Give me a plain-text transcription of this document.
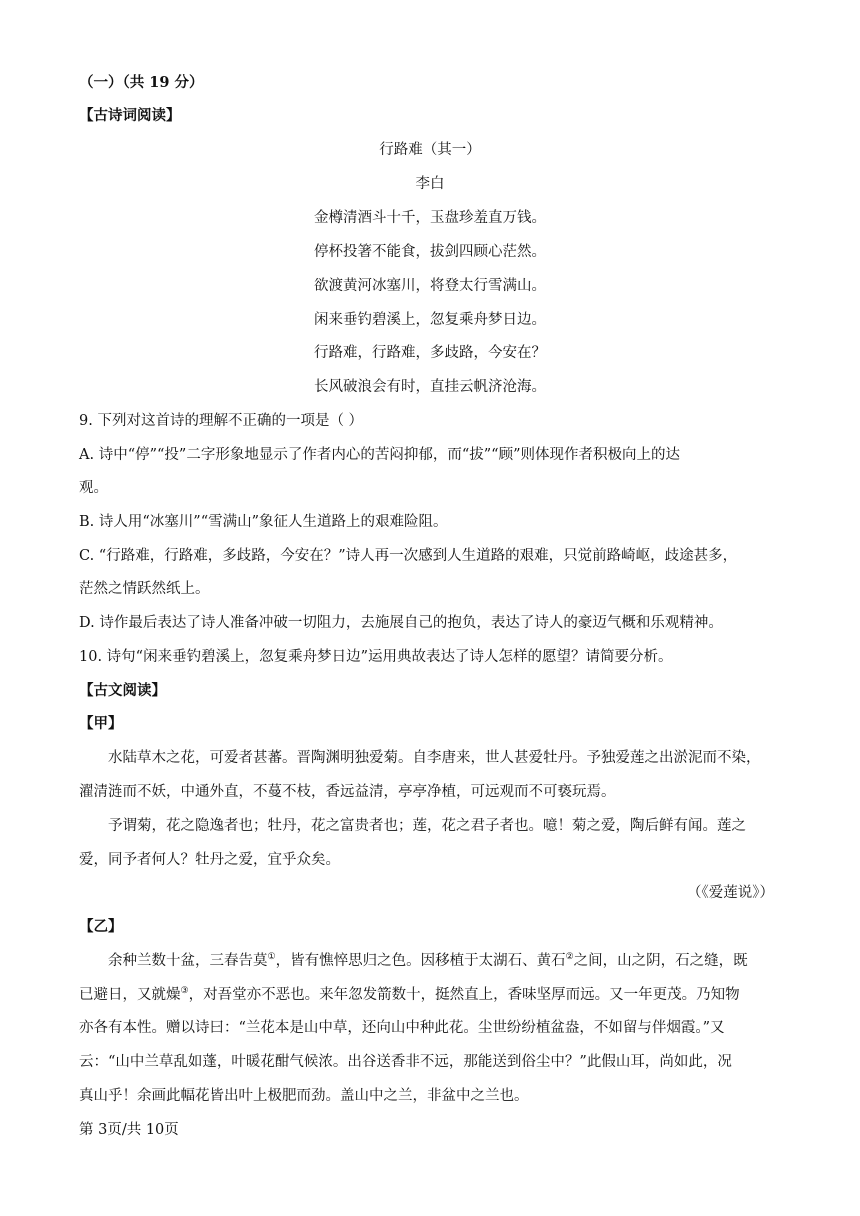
（一）（共 19 分）
【古诗词阅读】
行路难（其一）
李白
金樽清酒斗十千，玉盘珍羞直万钱。
停杯投箸不能食，拔剑四顾心茫然。
欲渡黄河冰塞川，将登太行雪满山。
闲来垂钓碧溪上，忽复乘舟梦日边。
行路难，行路难，多歧路，今安在？
长风破浪会有时，直挂云帆济沧海。
9. 下列对这首诗的理解不正确的一项是（ ）
A. 诗中“停”“投”二字形象地显示了作者内心的苦闷抑郁，而“拔”“顾”则体现作者积极向上的达
观。
B. 诗人用“冰塞川”“雪满山”象征人生道路上的艰难险阻。
C. “行路难，行路难，多歧路，今安在？”诗人再一次感到人生道路的艰难，只觉前路崎岖，歧途甚多，
茫然之情跃然纸上。
D. 诗作最后表达了诗人准备冲破一切阻力，去施展自己的抱负，表达了诗人的豪迈气概和乐观精神。
10. 诗句“闲来垂钓碧溪上，忽复乘舟梦日边”运用典故表达了诗人怎样的愿望？请简要分析。
【古文阅读】
【甲】
水陆草木之花，可爱者甚蕃。晋陶渊明独爱菊。自李唐来，世人甚爱牡丹。予独爱莲之出淤泥而不染，
濯清涟而不妖，中通外直，不蔓不枝，香远益清，亭亭净植，可远观而不可亵玩焉。
予谓菊，花之隐逸者也；牡丹，花之富贵者也；莲，花之君子者也。噫！菊之爱，陶后鲜有闻。莲之
爱，同予者何人？牡丹之爱，宜乎众矣。
（《爱莲说》）
【乙】
余种兰数十盆，三春告莫①，皆有憔悴思归之色。因移植于太湖石、黄石②之间，山之阴，石之缝，既
已避日，又就燥③，对吾堂亦不恶也。来年忽发箭数十，挺然直上，香味坚厚而远。又一年更茂。乃知物
亦各有本性。赠以诗曰：“兰花本是山中草，还向山中种此花。尘世纷纷植盆盎，不如留与伴烟霞。”又
云：“山中兰草乱如蓬，叶暖花酣气候浓。出谷送香非不远，那能送到俗尘中？”此假山耳，尚如此，况
真山乎！余画此幅花皆出叶上极肥而劲。盖山中之兰，非盆中之兰也。
第 3页/共 10页
